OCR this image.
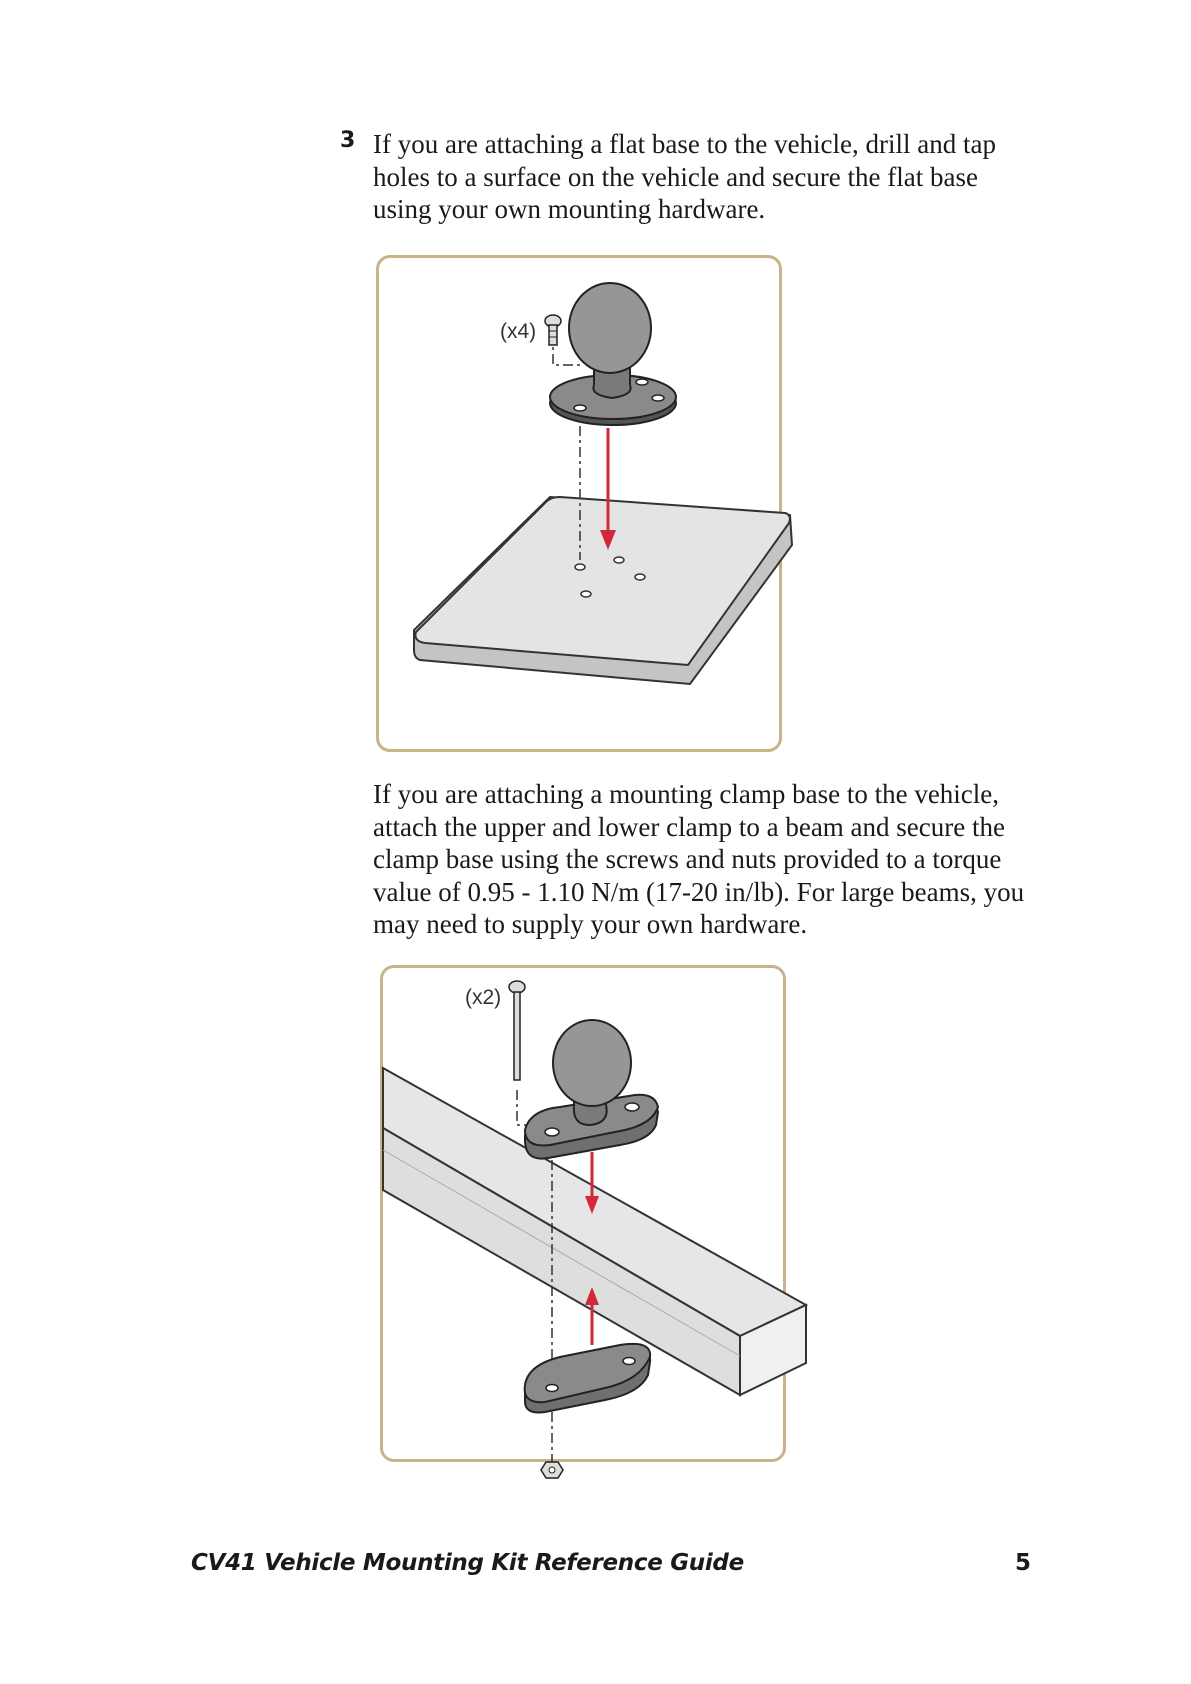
3 If you are attaching a flat base to the vehicle, drill and tap holes to a surface on the vehicle and secure the flat base using your own mounting hardware.

(x4)

If you are attaching a mounting clamp base to the vehicle, attach the upper and lower clamp to a beam and secure the clamp base using the screws and nuts provided to a torque value of 0.95 - 1.10 N/m (17-20 in/lb). For large beams, you may need to supply your own hardware.

(x2)
CV41 Vehicle Mounting Kit Reference Guide	5
